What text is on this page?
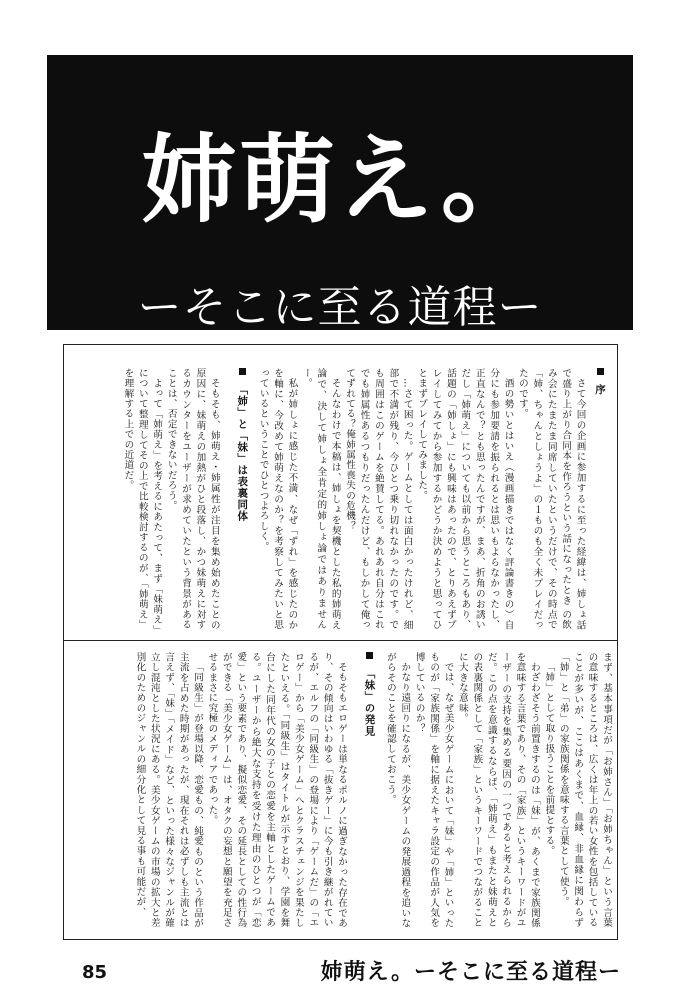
姉萌え。
ーそこに至る道程ー
序

さて今回の企画に参加するに至った経緯は、姉しょ話で盛り上がり合同本を作ろうという話になったとき の飲み会にたまたま同席していたというだけで、その時点で「姉、ちゃんとしょうよ」の１ものも全く未プレイだったのです。

酒の勢いとはいえ（漫画描きではなく評論書きの）自分にも参加要請を振られるとは思いもよらなかったし、正直なんで？とも思ったんですが、まあ、折角のお誘いだし「姉萌え」についても以前から思うところもあり、話題の「姉しょ」にも興味はあったので、とりあえずプレイしてみてから参加するかどうか決めようと思ってひとまずプレイしてみました。

…さて困った。ゲームとしては面白かったけれど、細部で不満が残り、今ひとつ乗り切れなかったのです。でも周囲はこのゲームを絶賛してる。あれあれ自分はこれでも姉属性あるつもりだったんだけど、もしかして俺ってずれてる？俺姉属性喪失の危機？

そんなわけで本稿は、姉しょを契機とした私的姉萌え論で、決して姉しょ全肯定的姉しょ論ではありませんー。

私が姉しょに感じた不満、なぜ「ずれ」を感じたのかを軸に、今改めて姉萌えなのか？を考察してみたいと思っているということでひとつよろしく。

「姉」と「妹」は表裏同体

そもそも、姉萌え・姉属性が注目を集め始めたことの原因に、妹萌えの加熱がひと段落し、かつ妹萌えに対するカウンターをユーザーが求めていたという背景があることは、否定できないだろう。

よって「姉萌え」を考えるにあたって、まず「妹萌え」について整理してその上で比較検討するのが、「姉萌え」を理解する上での近道だ。

まず、基本事項だが「お姉さん」「お姉ちゃん」という言葉の意味するところは、広くは年上の若い女性を包括していることが多いが、ここはあくまで、血縁、非血縁に関わらず「姉」と「弟」の家族関係を意味する言葉として使う。

「姉」として取り扱うことを前提とする。

わざわざそう前置きするのは「妹」が、あくまで家族関係を意味する言葉であり、その「家族」というキーワードがユーザーの支持を集める要因の一つであると考えられるからだ。この点を意識するならば、「姉萌え」もまたと妹萌えとの表裏関係として「家族」というキーワードでつながることに大きな意味。

では、なぜ美少女ゲームにおいて「妹」や「姉」といったものが「家族関係」を軸に据えたキャラ設定の作品が人気を博しているのか？

かなり遠回りになるが、美少女ゲームの発展過程を追いながらそのことを確認しておこう。

「妹」の発見

そもそもエロゲーは単なるポルノに過ぎなかった存在であり、その傾向はいわゆる「抜きゲー」に今も引き継がれているが、エルフの「同級生」の登場により「ゲームだ」の「エロゲー」から「美少女ゲーム」へとクラスチェンジを果たしたといえる。「同級生」はタイトルが示すとおり、学園を舞台にした同年代の女の子との恋愛を主軸としたゲームである。ユーザーから絶大な支持を受けた理由のひとつが「恋愛」という要素であり、擬似恋愛、その延長としての性行為ができる「美少女ゲーム」は、オタクの妄想と願望を充足させるまさに究極のメディアであった。

「同級生」が登場以降、恋愛もの、純愛ものという作品が主流を占めた時期があったが、現在それは必ずしも主流とは言えず、「妹」「メイド」など、といった様々なジャンルが確立し混沌とした状況にある。美少女ゲームの市場の拡大と差別化のためのジャンルの細分化として見る事も可能だが、

85	姉萌え。ーそこに至る道程ー
